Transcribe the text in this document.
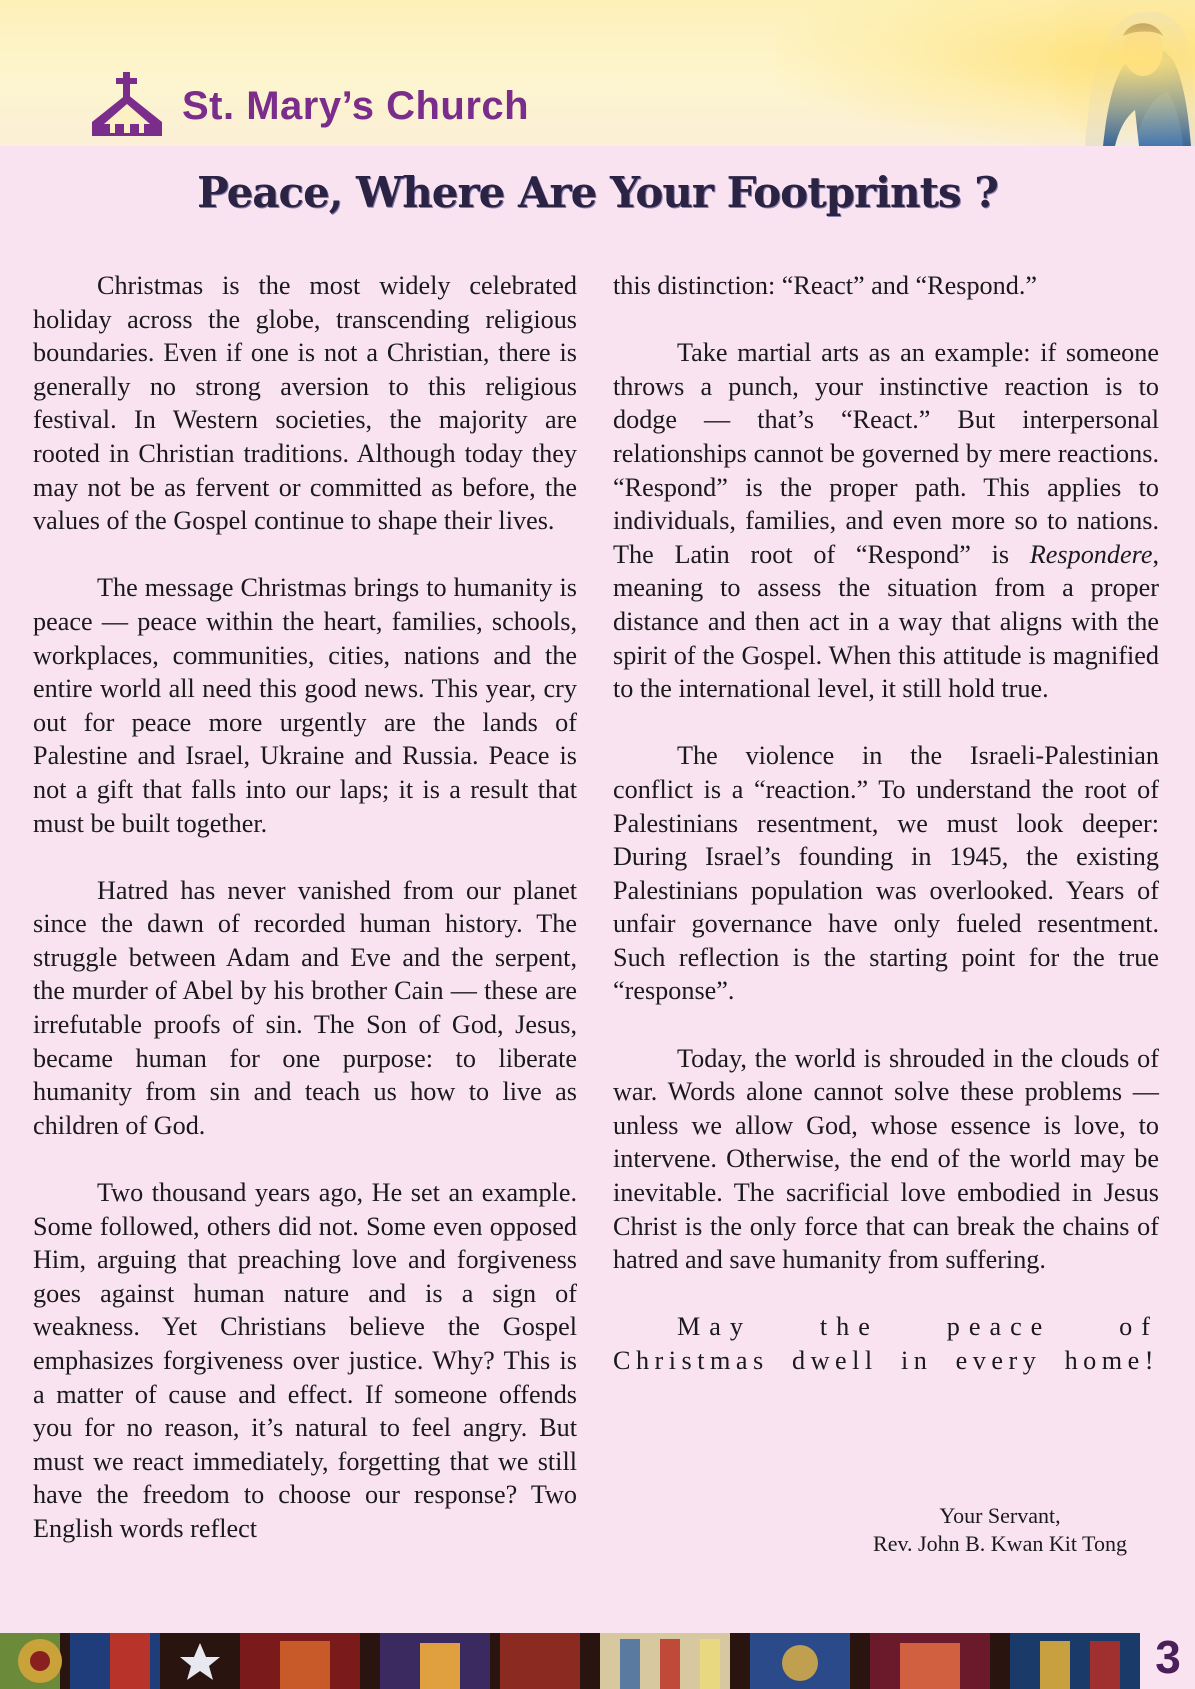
St. Mary’s Church
Peace, Where Are Your Footprints ?

Christmas is the most widely celebrated holiday across the globe, transcending religious boundaries. Even if one is not a Christian, there is generally no strong aversion to this religious festival. In Western societies, the majority are rooted in Christian traditions. Although today they may not be as fervent or committed as before, the values of the Gospel continue to shape their lives.

The message Christmas brings to humanity is peace — peace within the heart, families, schools, workplaces, communities, cities, nations and the entire world all need this good news. This year, cry out for peace more urgently are the lands of Palestine and Israel, Ukraine and Russia. Peace is not a gift that falls into our laps; it is a result that must be built together.

Hatred has never vanished from our planet since the dawn of recorded human history. The struggle between Adam and Eve and the serpent, the murder of Abel by his brother Cain — these are irrefutable proofs of sin. The Son of God, Jesus, became human for one purpose: to liberate humanity from sin and teach us how to live as children of God.

Two thousand years ago, He set an example. Some followed, others did not. Some even opposed Him, arguing that preaching love and forgiveness goes against human nature and is a sign of weakness. Yet Christians believe the Gospel emphasizes forgiveness over justice. Why? This is a matter of cause and effect. If someone offends you for no reason, it’s natural to feel angry. But must we react immediately, forgetting that we still have the freedom to choose our response? Two English words reflect

this distinction: “React” and “Respond.”

Take martial arts as an example: if someone throws a punch, your instinctive reaction is to dodge — that’s “React.” But interpersonal relationships cannot be governed by mere reactions. “Respond” is the proper path. This applies to individuals, families, and even more so to nations. The Latin root of “Respond” is Respondere, meaning to assess the situation from a proper distance and then act in a way that aligns with the spirit of the Gospel. When this attitude is magnified to the international level, it still hold true.

The violence in the Israeli-Palestinian conflict is a “reaction.” To understand the root of Palestinians resentment, we must look deeper: During Israel’s founding in 1945, the existing Palestinians population was overlooked. Years of unfair governance have only fueled resentment. Such reflection is the starting point for the true “response”.

Today, the world is shrouded in the clouds of war. Words alone cannot solve these problems — unless we allow God, whose essence is love, to intervene. Otherwise, the end of the world may be inevitable. The sacrificial love embodied in Jesus Christ is the only force that can break the chains of hatred and save humanity from suffering.

May the peace of
Christmas dwell in every home!

Your Servant,
Rev. John B. Kwan Kit Tong
3
